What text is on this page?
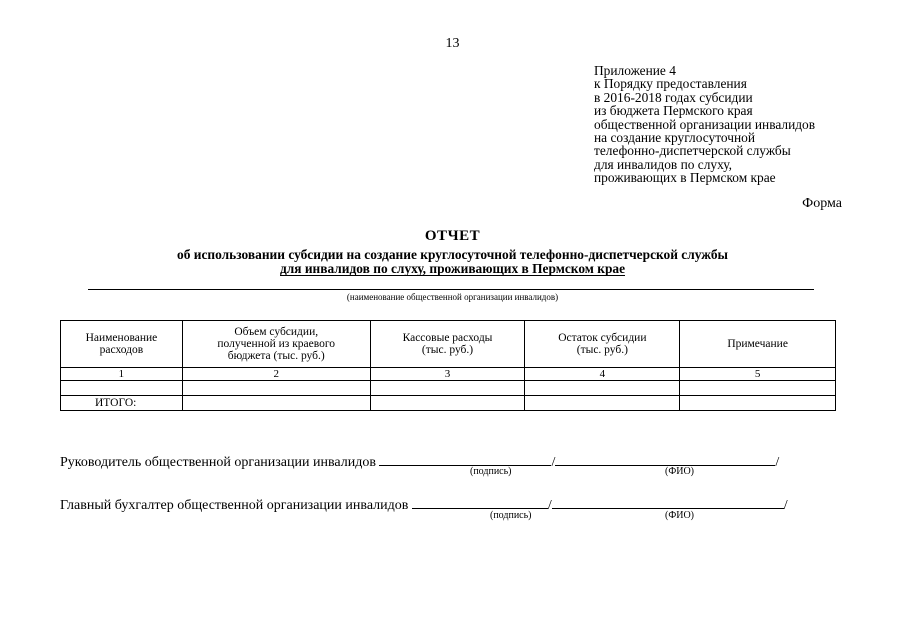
13
Приложение 4
к Порядку предоставления
в 2016-2018 годах субсидии
из бюджета Пермского края
общественной организации инвалидов
на создание круглосуточной
телефонно-диспетчерской службы
для инвалидов по слуху,
проживающих в Пермском крае
Форма
ОТЧЕТ
об использовании субсидии на создание круглосуточной телефонно-диспетчерской службы
для инвалидов по слуху, проживающих в Пермском крае
(наименование общественной организации инвалидов)
Наименование расходов	Объем субсидии, полученной из краевого бюджета (тыс. руб.)	Кассовые расходы (тыс. руб.)	Остаток субсидии (тыс. руб.)	Примечание
1	2	3	4	5

ИТОГО:				
Руководитель общественной организации инвалидов	/	/
(подпись)	(ФИО)
Главный бухгалтер общественной организации инвалидов	/	/
(подпись)	(ФИО)
